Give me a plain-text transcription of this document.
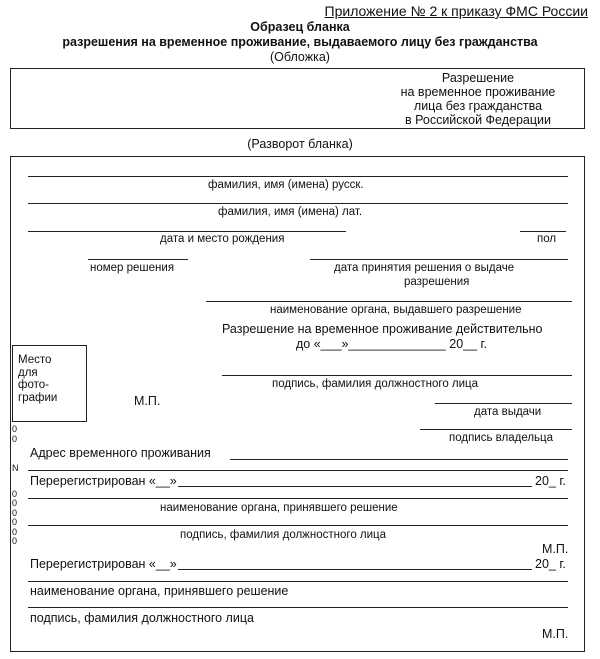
Приложение № 2 к приказу ФМС России
Образец бланка
разрешения на временное проживание, выдаваемого лицу без гражданства
(Обложка)
Разрешение
на временное проживание
лица без гражданства
в Российской Федерации
(Разворот бланка)
фамилия, имя (имена) русск.
фамилия, имя (имена) лат.
дата и место рождения	пол
номер решения	дата принятия решения о выдаче
разрешения
наименование органа, выдавшего разрешение
Разрешение на временное проживание действительно
до «___»______________ 20__ г.
подпись, фамилия должностного лица
Место
для
фото-
графии	М.П.
дата выдачи
подпись владельца
Адрес временного проживания
Перерегистрирован «__»	20_ г.
наименование органа, принявшего решение
подпись, фамилия должностного лица
М.П.
Перерегистрирован «__»	20_ г.
наименование органа, принявшего решение
подпись, фамилия должностного лица
М.П.
0
0
N
0
0
0
0
0
0
